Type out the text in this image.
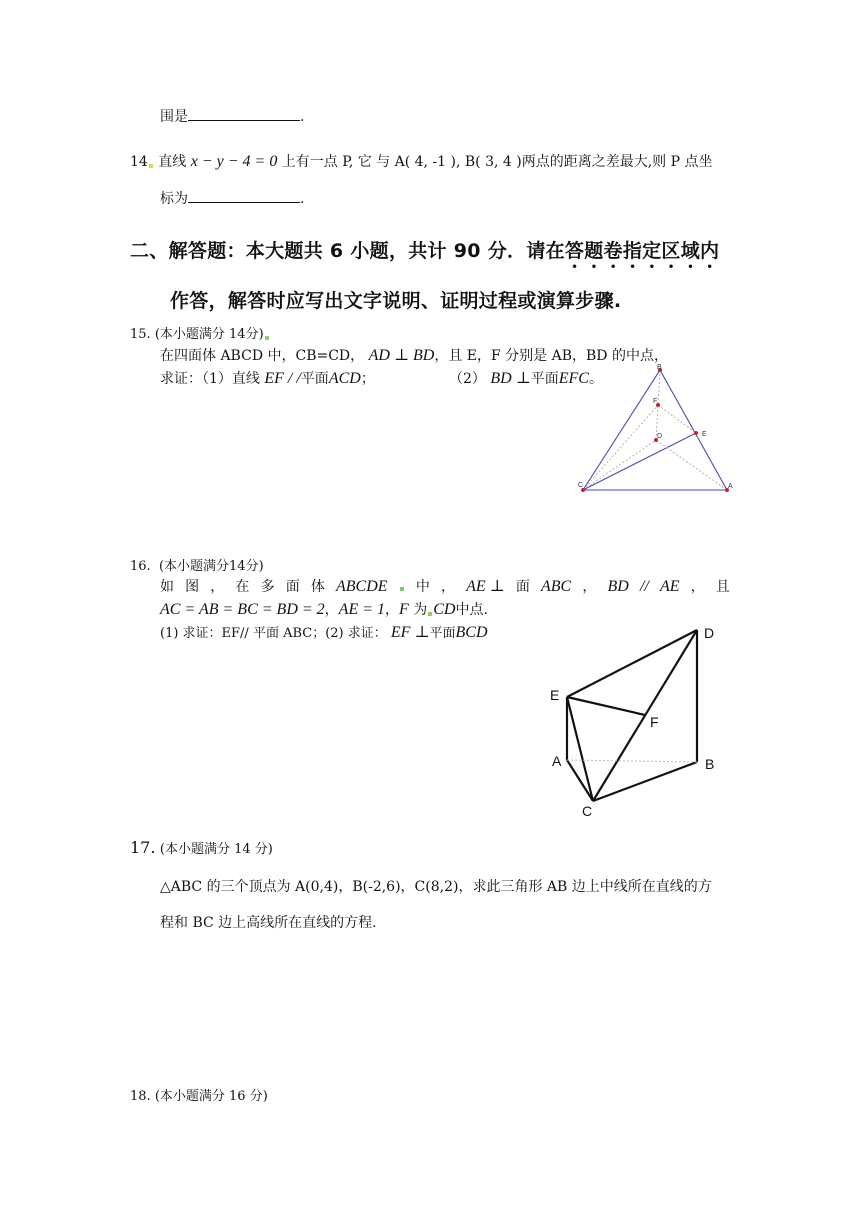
围是	.
14 直线 x − y − 4 = 0 上有一点 P, 它 与 A( 4, -1 ), B( 3, 4 )两点的距离之差最大,则 P 点坐
标为	.
二、解答题：本大题共 6 小题，共计 90 分．请在答题卷指定区域内
作答，解答时应写出文字说明、证明过程或演算步骤.
15. (本小题满分 14分)
在四面体 ABCD 中，CB=CD， AD ⊥ BD，且 E，F 分别是 AB，BD 的中点，
求证：（1）直线 EF / /平面ACD；	（2） BD ⊥平面EFC。
B
F
D	E
C	A
16. (本小题满分14分)
如 图 ， 在 多 面 体 ABCDE 中 ， AE ⊥ 面 ABC ， BD // AE ， 且
AC = AB = BC = BD = 2，AE = 1，F 为 CD中点.
(1) 求证：EF// 平面 ABC；(2) 求证： EF ⊥平面BCD	D
E
F
A	B
C
17. (本小题满分 14 分)
△ABC 的三个顶点为 A(0,4)，B(-2,6)，C(8,2)，求此三角形 AB 边上中线所在直线的方
程和 BC 边上高线所在直线的方程.
18. (本小题满分 16 分)
